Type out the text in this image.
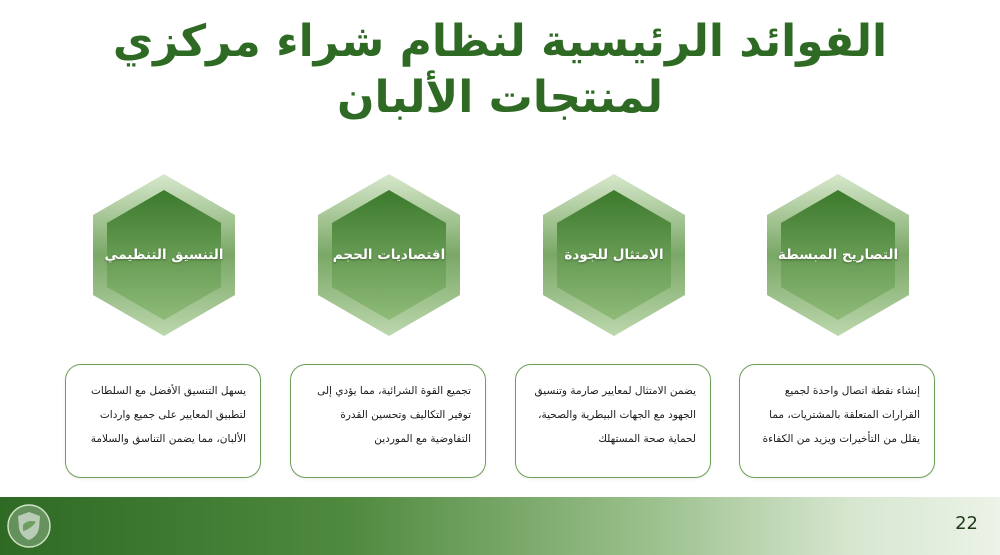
الفوائد الرئيسية لنظام شراء مركزي لمنتجات الألبان
التنسيق التنظيمي	اقتصاديات الحجم	الامتثال للجودة	التصاريح المبسطة
يسهل التنسيق الأفضل مع السلطات لتطبيق المعايير على جميع واردات الألبان، مما يضمن التناسق والسلامة
تجميع القوة الشرائية، مما يؤدي إلى توفير التكاليف وتحسين القدرة التفاوضية مع الموردين
يضمن الامتثال لمعايير صارمة وتنسيق الجهود مع الجهات البيطرية والصحية، لحماية صحة المستهلك
إنشاء نقطة اتصال واحدة لجميع القرارات المتعلقة بالمشتريات، مما يقلل من التأخيرات ويزيد من الكفاءة
22
